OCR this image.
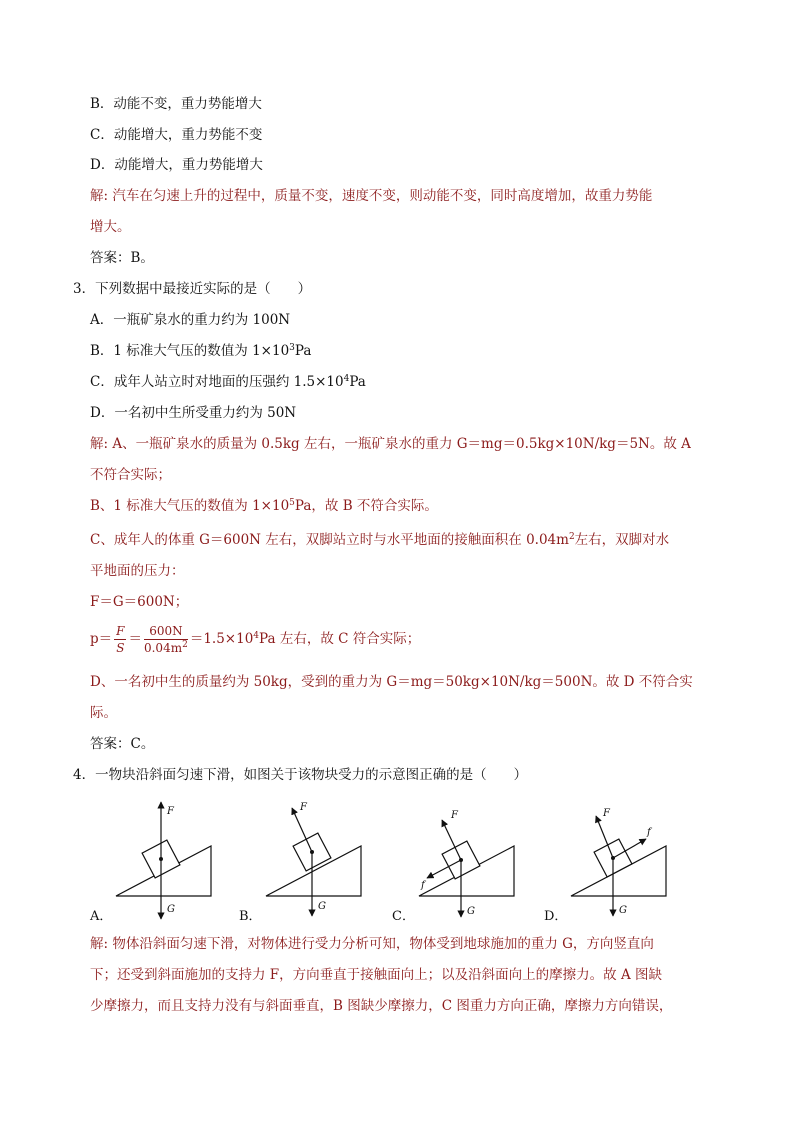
B．动能不变，重力势能增大
C．动能增大，重力势能不变
D．动能增大，重力势能增大
解: 汽车在匀速上升的过程中，质量不变，速度不变，则动能不变，同时高度增加，故重力势能
增大。
答案：B。
3．下列数据中最接近实际的是（　　）
A．一瓶矿泉水的重力约为 100N
B．1 标准大气压的数值为 $1\times 10^3Pa$
C．成年人站立时对地面的压强约 $1.5\times 10^4Pa$
D．一名初中生所受重力约为 50N
解: A、一瓶矿泉水的质量为 0.5kg 左右，一瓶矿泉水的重力 G＝mg＝0.5kg×10N/kg＝5N。故 A
不符合实际；
B、1 标准大气压的数值为 $1\times 10^5Pa$，故 B 不符合实际。
C、成年人的体重 G＝600N 左右，双脚站立时与水平地面的接触面积在 $0.04m^2$左右，双脚对水
平地面的压力：
F＝G＝600N；
$p= \frac{F}{S} = \frac{600N}{0.04m^2} =1.5\times 10^4Pa$ 左右，故 C 符合实际；
D、一名初中生的质量约为 50kg，受到的重力为 G＝mg＝50kg×10N/kg＝500N。故 D 不符合实
际。
答案：C。
4．一物块沿斜面匀速下滑，如图关于该物块受力的示意图正确的是（　　）
F
G
F
G
F
G
f
F
G
f
A．	B．	C．	D．
解: 物体沿斜面匀速下滑，对物体进行受力分析可知，物体受到地球施加的重力 G，方向竖直向
下；还受到斜面施加的支持力 F，方向垂直于接触面向上；以及沿斜面向上的摩擦力。故 A 图缺
少摩擦力，而且支持力没有与斜面垂直，B 图缺少摩擦力，C 图重力方向正确，摩擦力方向错误，
